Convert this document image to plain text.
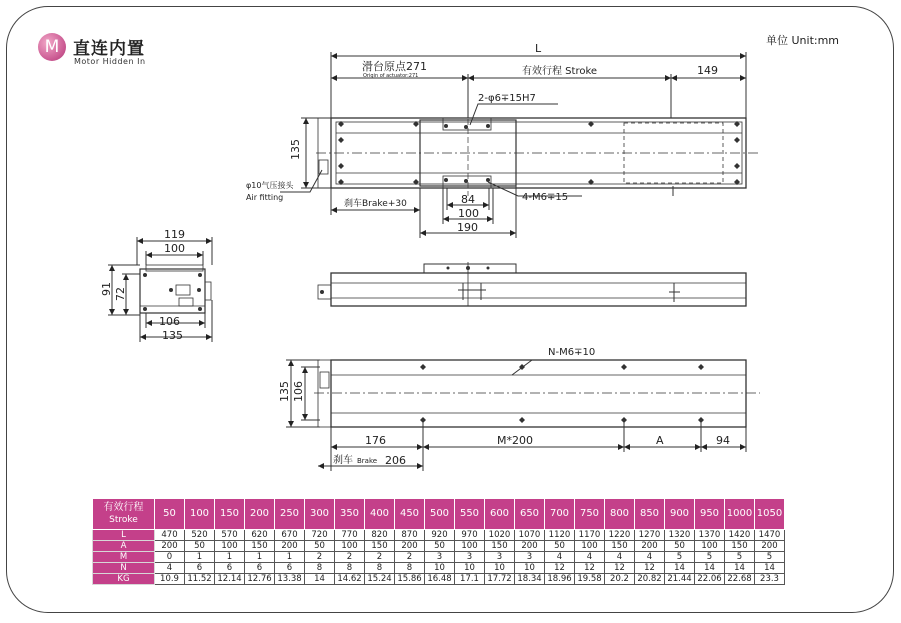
M 直连内置
Motor Hidden In
单位 Unit:mm
L
滑台原点271
Origin of actuator:271	有效行程 Stroke	149
135
2-φ6∓15H7
4-M6∓15
φ10气压接头
Air fitting
刹车Brake+30	84
100
190
119
100
91 72
106
135
N-M6∓10
135 106
176	M*200	A	94
刹车 Brake 206
有效行程
Stroke	50	100	150	200	250	300	350	400	450	500	550	600	650	700	750	800	850	900	950	1000	1050
L	470	520	570	620	670	720	770	820	870	920	970	1020	1070	1120	1170	1220	1270	1320	1370	1420	1470
A	200	50	100	150	200	50	100	150	200	50	100	150	200	50	100	150	200	50	100	150	200
M	0	1	1	1	1	2	2	2	2	3	3	3	3	4	4	4	4	5	5	5	5
N	4	6	6	6	6	8	8	8	8	10	10	10	10	12	12	12	12	14	14	14	14
KG	10.9	11.52	12.14	12.76	13.38	14	14.62	15.24	15.86	16.48	17.1	17.72	18.34	18.96	19.58	20.2	20.82	21.44	22.06	22.68	23.3
